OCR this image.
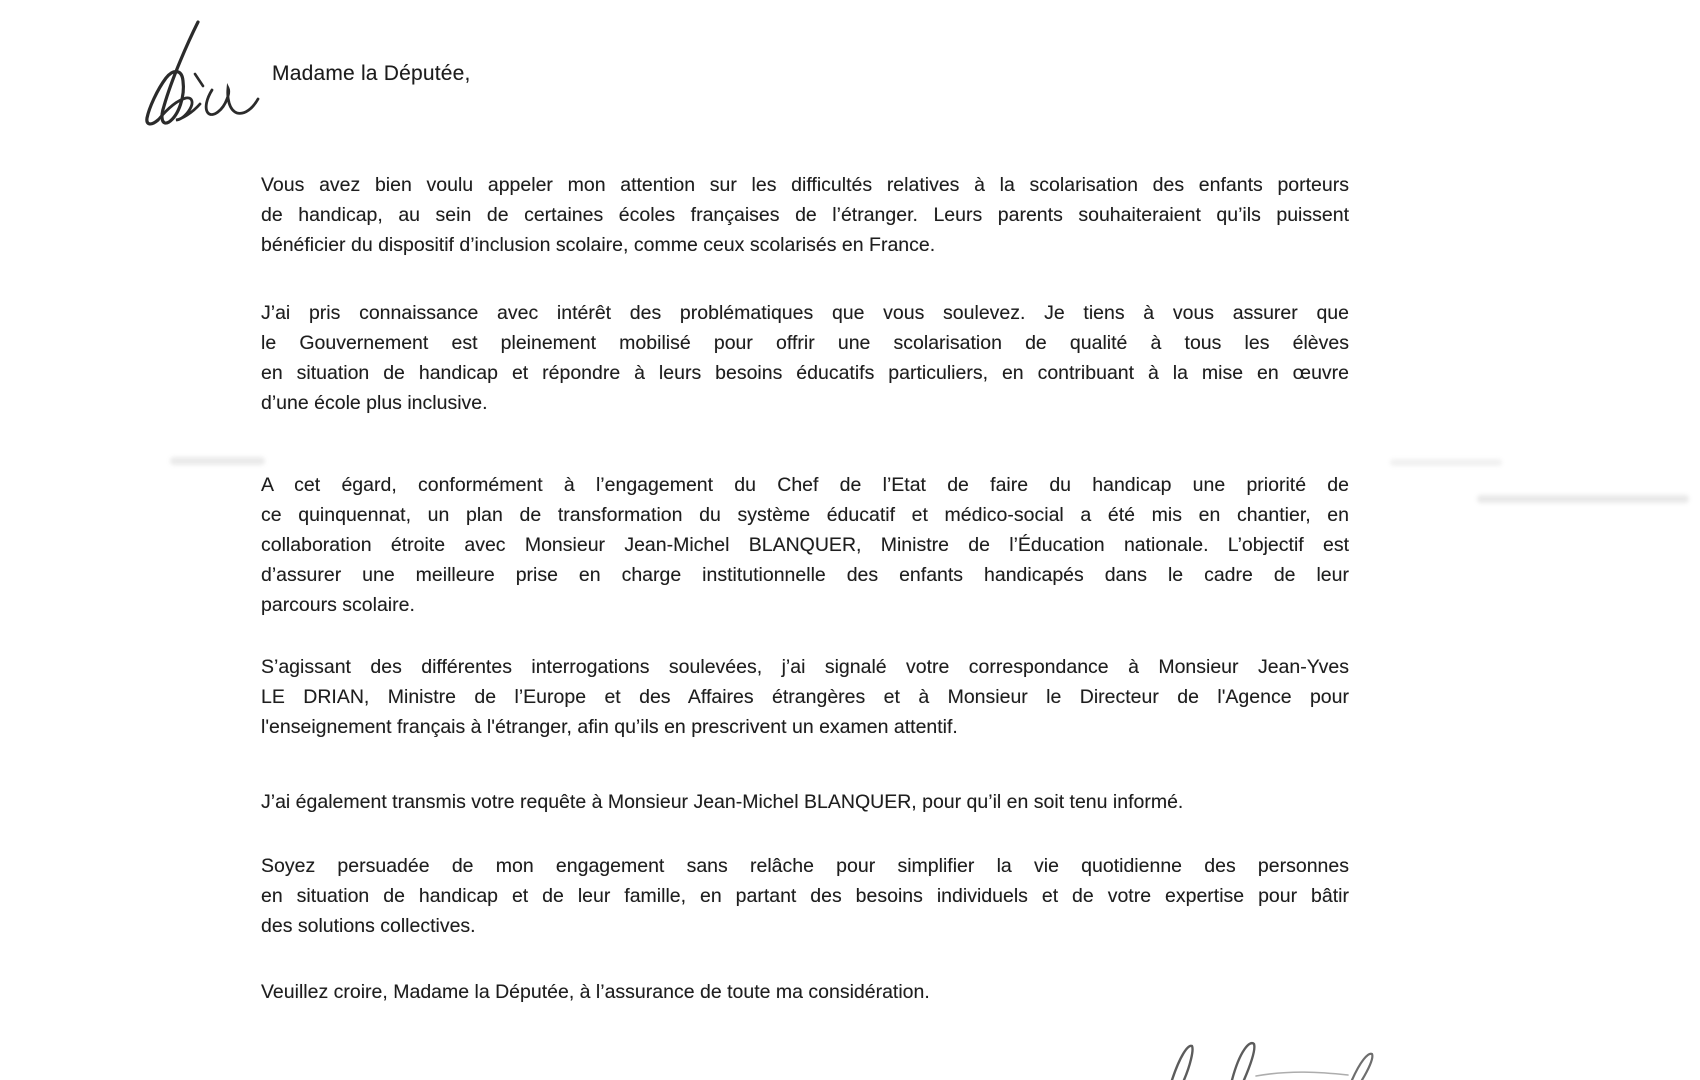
Madame la Députée,
Vous avez bien voulu appeler mon attention sur les difficultés relatives à la scolarisation des enfants porteurs
de handicap, au sein de certaines écoles françaises de l’étranger. Leurs parents souhaiteraient qu’ils puissent
bénéficier du dispositif d’inclusion scolaire, comme ceux scolarisés en France.
J’ai pris connaissance avec intérêt des problématiques que vous soulevez. Je tiens à vous assurer que
le Gouvernement est pleinement mobilisé pour offrir une scolarisation de qualité à tous les élèves
en situation de handicap et répondre à leurs besoins éducatifs particuliers, en contribuant à la mise en œuvre
d’une école plus inclusive.
A cet égard, conformément à l’engagement du Chef de l’Etat de faire du handicap une priorité de
ce quinquennat, un plan de transformation du système éducatif et médico-social a été mis en chantier, en
collaboration étroite avec Monsieur Jean-Michel BLANQUER, Ministre de l’Éducation nationale. L’objectif est
d’assurer une meilleure prise en charge institutionnelle des enfants handicapés dans le cadre de leur
parcours scolaire.
S’agissant des différentes interrogations soulevées, j’ai signalé votre correspondance à Monsieur Jean-Yves
LE DRIAN, Ministre de l’Europe et des Affaires étrangères et à Monsieur le Directeur de l'Agence pour
l'enseignement français à l'étranger, afin qu’ils en prescrivent un examen attentif.
J’ai également transmis votre requête à Monsieur Jean-Michel BLANQUER, pour qu’il en soit tenu informé.
Soyez persuadée de mon engagement sans relâche pour simplifier la vie quotidienne des personnes
en situation de handicap et de leur famille, en partant des besoins individuels et de votre expertise pour bâtir
des solutions collectives.
Veuillez croire, Madame la Députée, à l’assurance de toute ma considération.
